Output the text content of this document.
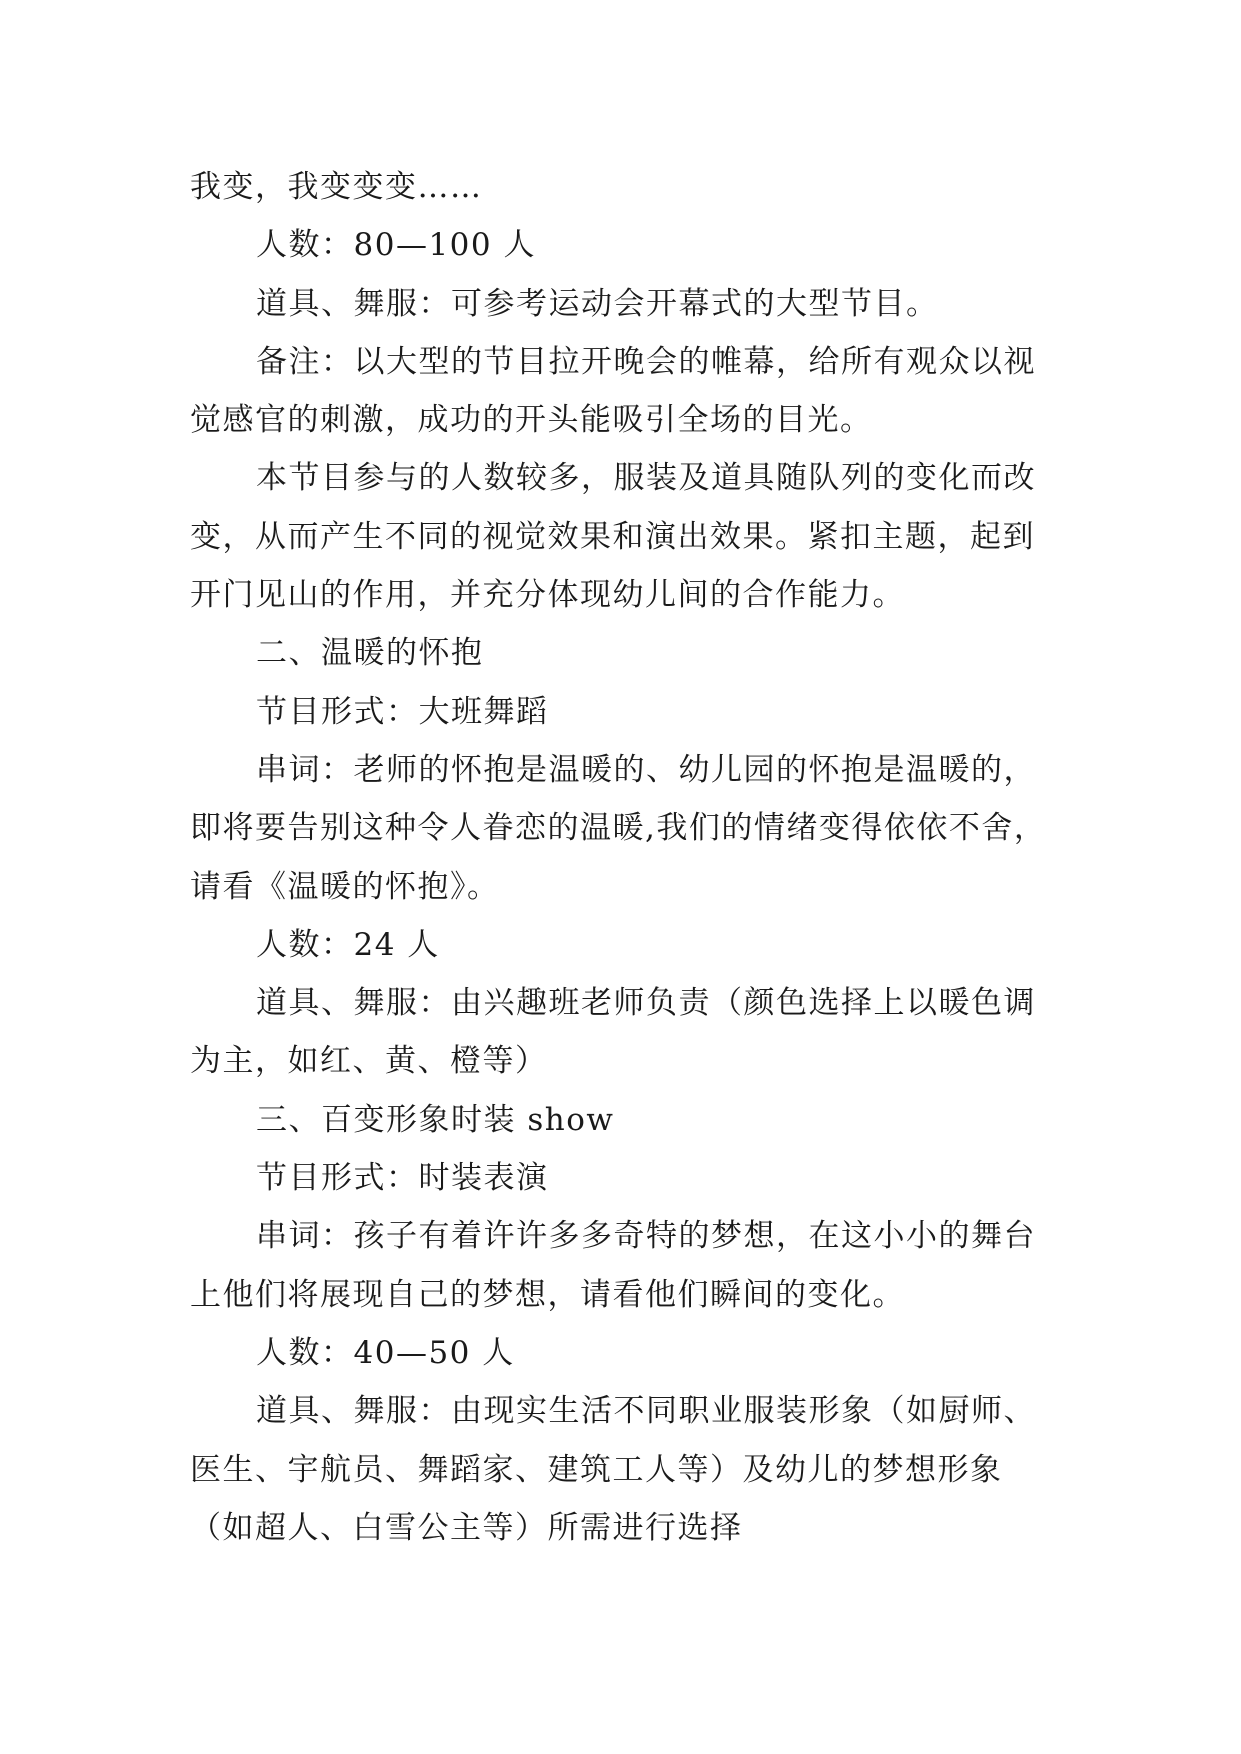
我变，我变变变……
人数：80—100 人
道具、舞服：可参考运动会开幕式的大型节目。
备注：以大型的节目拉开晚会的帷幕，给所有观众以视
觉感官的刺激，成功的开头能吸引全场的目光。
本节目参与的人数较多，服装及道具随队列的变化而改
变，从而产生不同的视觉效果和演出效果。紧扣主题，起到
开门见山的作用，并充分体现幼儿间的合作能力。
二、温暖的怀抱
节目形式：大班舞蹈
串词：老师的怀抱是温暖的、幼儿园的怀抱是温暖的，
即将要告别这种令人眷恋的温暖,我们的情绪变得依依不舍，
请看《温暖的怀抱》。
人数：24 人
道具、舞服：由兴趣班老师负责（颜色选择上以暖色调
为主，如红、黄、橙等）
三、百变形象时装 show
节目形式：时装表演
串词：孩子有着许许多多奇特的梦想，在这小小的舞台
上他们将展现自己的梦想，请看他们瞬间的变化。
人数：40—50 人
道具、舞服：由现实生活不同职业服装形象（如厨师、
医生、宇航员、舞蹈家、建筑工人等）及幼儿的梦想形象
（如超人、白雪公主等）所需进行选择
